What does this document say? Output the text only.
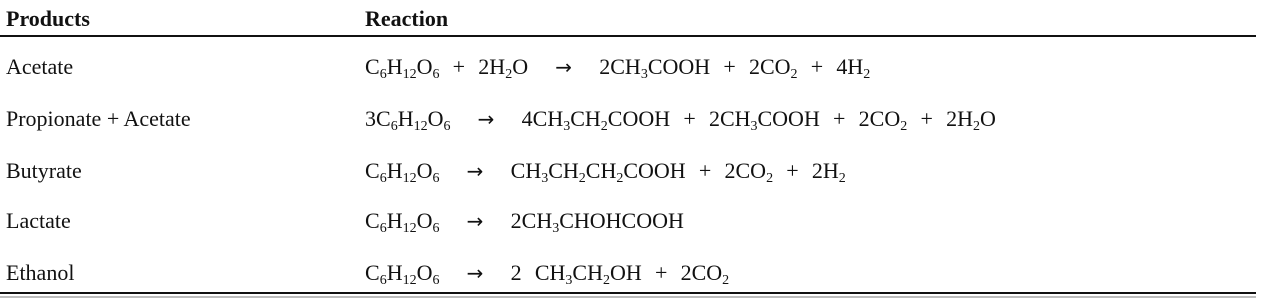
Products	Reaction
Acetate	$C_6H_{12}O_6 + 2H_2O$ → $2CH_3COOH + 2CO_2 + 4H_2$
Propionate + Acetate	$3C_6H_{12}O_6$ → $4CH_3CH_2COOH$ + $2CH_3COOH + 2CO_2 + 2H_2O$
Butyrate	$C_6H_{12}O_6$ → $CH_3CH_2CH_2COOH + 2CO_2 + 2H_2$
Lactate	$C_6H_{12}O_6$ → $2CH_3CHOHCOOH$
Ethanol	$C_6H_{12}O_6 \to 2$ $CH_3CH_2OH + 2CO_2$
